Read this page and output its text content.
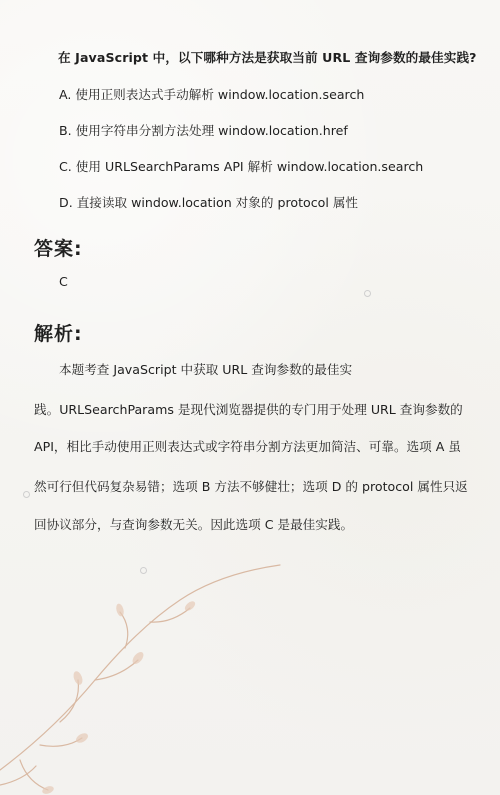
在 JavaScript 中，以下哪种方法是获取当前 URL 查询参数的最佳实践?
A. 使用正则表达式手动解析 window.location.search
B. 使用字符串分割方法处理 window.location.href
C. 使用 URLSearchParams API 解析 window.location.search
D. 直接读取 window.location 对象的 protocol 属性
答案:
C
解析:
本题考查 JavaScript 中获取 URL 查询参数的最佳实
践。URLSearchParams 是现代浏览器提供的专门用于处理 URL 查询参数的
API，相比手动使用正则表达式或字符串分割方法更加简洁、可靠。选项 A 虽
然可行但代码复杂易错；选项 B 方法不够健壮；选项 D 的 protocol 属性只返
回协议部分，与查询参数无关。因此选项 C 是最佳实践。
